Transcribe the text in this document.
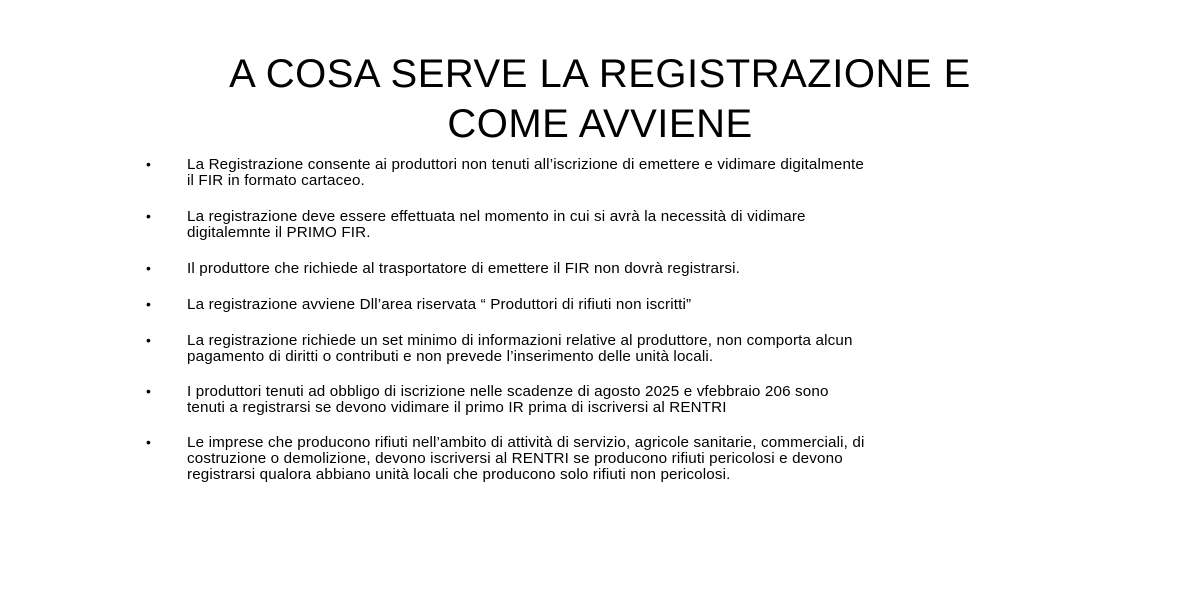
A COSA SERVE LA REGISTRAZIONE E
COME AVVIENE
• La Registrazione consente ai produttori non tenuti all’iscrizione di emettere e vidimare digitalmente
il FIR in formato cartaceo.
• La registrazione deve essere effettuata nel momento in cui si avrà la necessità di vidimare
digitalemnte il PRIMO FIR.
• Il produttore che richiede al trasportatore di emettere il FIR non dovrà registrarsi.
• La registrazione avviene Dll’area riservata “ Produttori di rifiuti non iscritti”
• La registrazione richiede un set minimo di informazioni relative al produttore, non comporta alcun
pagamento di diritti o contributi e non prevede l’inserimento delle unità locali.
• I produttori tenuti ad obbligo di iscrizione nelle scadenze di agosto 2025 e vfebbraio 206 sono
tenuti a registrarsi se devono vidimare il primo IR prima di iscriversi al RENTRI
• Le imprese che producono rifiuti nell’ambito di attività di servizio, agricole sanitarie, commerciali, di
costruzione o demolizione, devono iscriversi al RENTRI se producono rifiuti pericolosi e devono
registrarsi qualora abbiano unità locali che producono solo rifiuti non pericolosi.
